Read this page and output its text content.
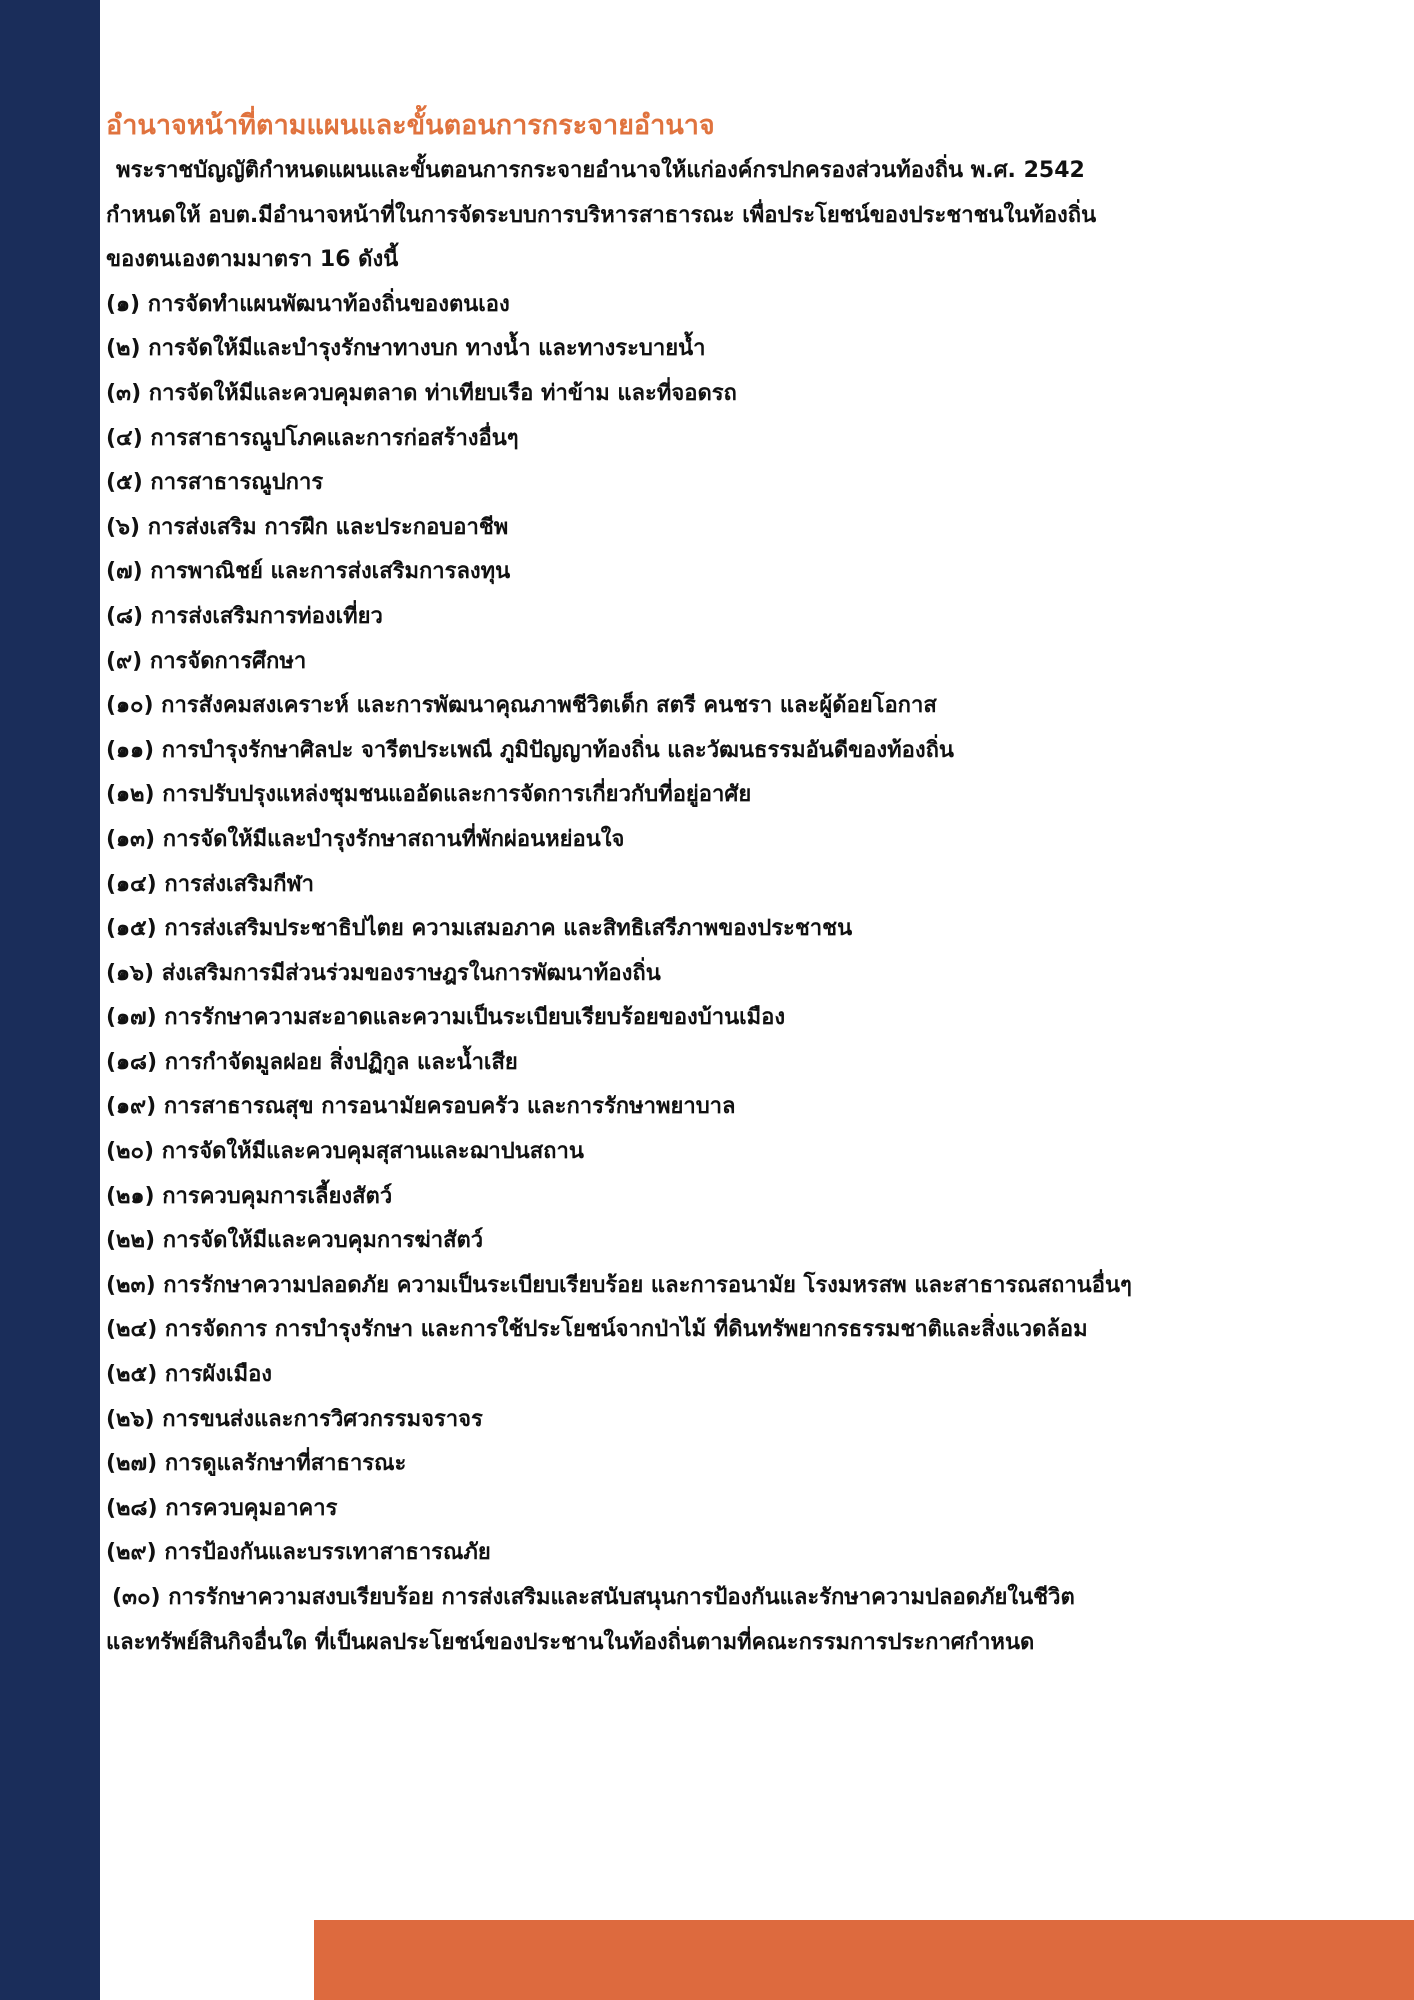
อำนาจหน้าที่ตามแผนและขั้นตอนการกระจายอำนาจ

พระราชบัญญัติกำหนดแผนและขั้นตอนการกระจายอำนาจให้แก่องค์กรปกครองส่วนท้องถิ่น พ.ศ. 2542
กำหนดให้ อบต.มีอำนาจหน้าที่ในการจัดระบบการบริหารสาธารณะ เพื่อประโยชน์ของประชาชนในท้องถิ่น
ของตนเองตามมาตรา 16 ดังนี้

(๑) การจัดทำแผนพัฒนาท้องถิ่นของตนเอง
(๒) การจัดให้มีและบำรุงรักษาทางบก ทางน้ำ และทางระบายน้ำ
(๓) การจัดให้มีและควบคุมตลาด ท่าเทียบเรือ ท่าข้าม และที่จอดรถ
(๔) การสาธารณูปโภคและการก่อสร้างอื่นๆ
(๕) การสาธารณูปการ
(๖) การส่งเสริม การฝึก และประกอบอาชีพ
(๗) การพาณิชย์ และการส่งเสริมการลงทุน
(๘) การส่งเสริมการท่องเที่ยว
(๙) การจัดการศึกษา
(๑๐) การสังคมสงเคราะห์ และการพัฒนาคุณภาพชีวิตเด็ก สตรี คนชรา และผู้ด้อยโอกาส
(๑๑) การบำรุงรักษาศิลปะ จารีตประเพณี ภูมิปัญญาท้องถิ่น และวัฒนธรรมอันดีของท้องถิ่น
(๑๒) การปรับปรุงแหล่งชุมชนแออัดและการจัดการเกี่ยวกับที่อยู่อาศัย
(๑๓) การจัดให้มีและบำรุงรักษาสถานที่พักผ่อนหย่อนใจ
(๑๔) การส่งเสริมกีฬา
(๑๕) การส่งเสริมประชาธิปไตย ความเสมอภาค และสิทธิเสรีภาพของประชาชน
(๑๖) ส่งเสริมการมีส่วนร่วมของราษฎรในการพัฒนาท้องถิ่น
(๑๗) การรักษาความสะอาดและความเป็นระเบียบเรียบร้อยของบ้านเมือง
(๑๘) การกำจัดมูลฝอย สิ่งปฏิกูล และน้ำเสีย
(๑๙) การสาธารณสุข การอนามัยครอบครัว และการรักษาพยาบาล
(๒๐) การจัดให้มีและควบคุมสุสานและฌาปนสถาน
(๒๑) การควบคุมการเลี้ยงสัตว์
(๒๒) การจัดให้มีและควบคุมการฆ่าสัตว์
(๒๓) การรักษาความปลอดภัย ความเป็นระเบียบเรียบร้อย และการอนามัย โรงมหรสพ และสาธารณสถานอื่นๆ
(๒๔) การจัดการ การบำรุงรักษา และการใช้ประโยชน์จากป่าไม้ ที่ดินทรัพยากรธรรมชาติและสิ่งแวดล้อม
(๒๕) การผังเมือง
(๒๖) การขนส่งและการวิศวกรรมจราจร
(๒๗) การดูแลรักษาที่สาธารณะ
(๒๘) การควบคุมอาคาร
(๒๙) การป้องกันและบรรเทาสาธารณภัย

(๓๐) การรักษาความสงบเรียบร้อย การส่งเสริมและสนับสนุนการป้องกันและรักษาความปลอดภัยในชีวิต
และทรัพย์สินกิจอื่นใด ที่เป็นผลประโยชน์ของประชานในท้องถิ่นตามที่คณะกรรมการประกาศกำหนด
